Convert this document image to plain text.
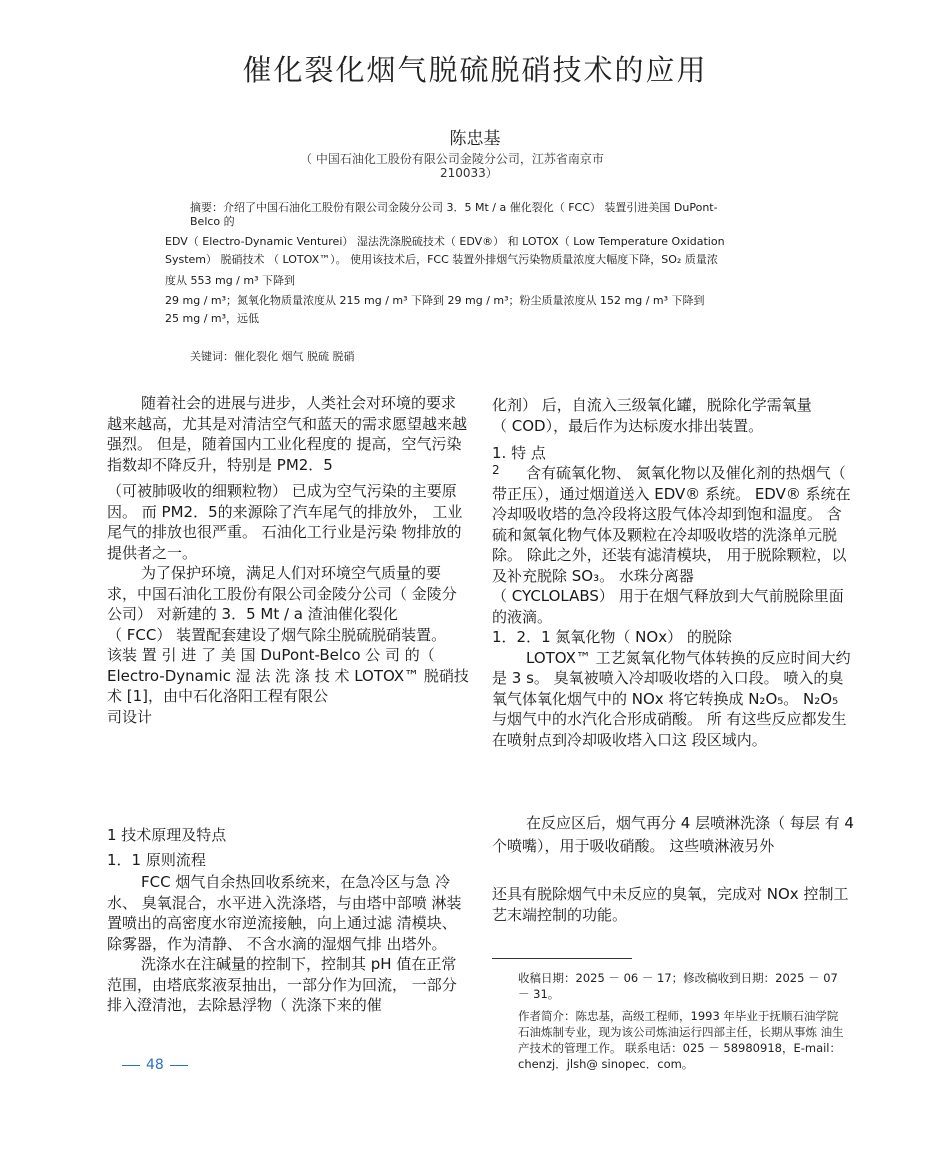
催化裂化烟气脱硫脱硝技术的应用
陈忠基
（ 中国石油化工股份有限公司金陵分公司，江苏省南京市
210033）
摘要：介绍了中国石油化工股份有限公司金陵分公司 3．5 Mt / a 催化裂化（ FCC） 装置引进美国 DuPont-
Belco 的
EDV（ Electro-Dynamic Venturei） 湿法洗涤脱硫技术（ EDV®） 和 LOTOX（ Low Temperature Oxidation
System） 脱硝技术 （ LOTOX™）。 使用该技术后，FCC 装置外排烟气污染物质量浓度大幅度下降，SO₂ 质量浓
度从 553 mg / m³ 下降到
29 mg / m³；氮氧化物质量浓度从 215 mg / m³ 下降到 29 mg / m³；粉尘质量浓度从 152 mg / m³ 下降到
25 mg / m³，远低
关键词：催化裂化 烟气 脱硫 脱硝

随着社会的进展与进步，人类社会对环境的要求越来越高，尤其是对清洁空气和蓝天的需求愿望越来越强烈。 但是，随着国内工业化程度的 提高，空气污染指数却不降反升，特别是 PM2．5

（可被肺吸收的细颗粒物） 已成为空气污染的主要原因。 而 PM2．5的来源除了汽车尾气的排放外， 工业尾气的排放也很严重。 石油化工行业是污染 物排放的提供者之一。

为了保护环境，满足人们对环境空气质量的要求，中国石油化工股份有限公司金陵分公司（ 金陵分公司） 对新建的 3．5 Mt / a 渣油催化裂化

（ FCC） 装置配套建设了烟气除尘脱硫脱硝装置。

该装 置 引 进 了 美 国 DuPont-Belco 公 司 的（ Electro-Dynamic 湿 法 洗 涤 技 术 LOTOX™ 脱硝技术 [1]，由中石化洛阳工程有限公

司设计

1 技术原理及特点
1．1 原则流程

FCC 烟气自余热回收系统来，在急冷区与急 冷水、 臭氧混合，水平进入洗涤塔，与由塔中部喷 淋装置喷出的高密度水帘逆流接触，向上通过滤 清模块、 除雾器，作为清静、 不含水滴的湿烟气排 出塔外。

洗涤水在注碱量的控制下，控制其 pH 值在正常范围，由塔底浆液泵抽出，一部分作为回流， 一部分排入澄清池，去除悬浮物（ 洗涤下来的催

48

化剂） 后，自流入三级氧化罐，脱除化学需氧量

（ COD），最后作为达标废水排出装置。

1. 特 点
2	含有硫氧化物、 氮氧化物以及催化剂的热烟气（ 带正压），通过烟道送入 EDV® 系统。 EDV® 系统在冷却吸收塔的急冷段将这股气体冷却到饱和温度。 含硫和氮氧化物气体及颗粒在冷却吸收塔的洗涤单元脱除。 除此之外，还装有滤清模块， 用于脱除颗粒，以及补充脱除 SO₃。 水珠分离器

（ CYCLOLABS） 用于在烟气释放到大气前脱除里面的液滴。

1．2．1 氮氧化物（ NOx） 的脱除

LOTOX™ 工艺氮氧化物气体转换的反应时间大约是 3 s。 臭氧被喷入冷却吸收塔的入口段。 喷入的臭氧气体氧化烟气中的 NOx 将它转换成 N₂O₅。 N₂O₅ 与烟气中的水汽化合形成硝酸。 所 有这些反应都发生在喷射点到冷却吸收塔入口这 段区域内。

在反应区后，烟气再分 4 层喷淋洗涤（ 每层 有 4 个喷嘴），用于吸收硝酸。 这些喷淋液另外

还具有脱除烟气中未反应的臭氧，完成对 NOx 控制工艺末端控制的功能。

收稿日期：2025 － 06 － 17；修改稿收到日期：2025 － 07 － 31。

作者简介：陈忠基，高级工程师，1993 年毕业于抚顺石油学院 石油炼制专业，现为该公司炼油运行四部主任，长期从事炼 油生产技术的管理工作。 联系电话：025 － 58980918，E-mail：chenzj．jlsh@ sinopec．com。
